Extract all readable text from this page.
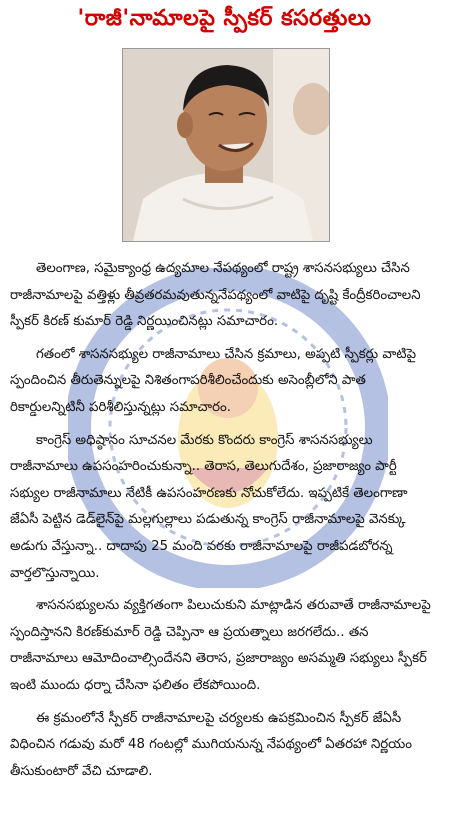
'రాజీ'నామాలపై స్పీకర్ కసరత్తులు

తెలంగాణ, సమైక్యాంధ్ర ఉద్యమాల నేపథ్యంలో రాష్ట్ర శాసనసభ్యులు చేసిన రాజీనామాలపై వత్తిళ్లు తీవ్రతరమవుతున్ననేపథ్యంలో వాటిపై దృష్టి కేంద్రీకరించాలని స్పీకర్ కిరణ్ కుమార్ రెడ్డి నిర్ణయించినట్లు సమాచారం.

గతంలో శాసనసభ్యుల రాజీనామాలు చేసిన క్రమాలు, అప్పటి స్పీకర్లు వాటిపై స్పందించిన తీరుతెన్నులపై నిశితంగాపరిశీలించేందుకు అసెంబ్లీలోని పాత రికార్డులన్నిటినీ పరిశీలిస్తున్నట్లు సమాచారం.

కాంగ్రెస్ అధిష్ఠానం సూచనల మేరకు కొందరు కాంగ్రెస్ శాసనసభ్యులు రాజీనామాలు ఉపసంహరించుకున్నా.. తెరాస, తెలుగుదేశం, ప్రజారాజ్యం పార్టీ సభ్యుల రాజీనామాలు నేటికీ ఉపసంహరణకు నోచుకోలేదు. ఇప్పటికే తెలంగాణా జేఏసీ పెట్టిన డెడ్‌లైన్‌పై మల్లగుల్లాలు పడుతున్న కాంగ్రెస్ రాజీనామాలపై వెనక్కు అడుగు వేస్తున్నా.. దాదాపు 25 మంది వరకు రాజీనామాలపై రాజీపడబోరన్న వార్తలొస్తున్నాయి.

శాసనసభ్యులను వ్యక్తిగతంగా పిలుచుకుని మాట్లాడిన తరువాతే రాజీనామాలపై స్పందిస్తానని కిరణ్‌కుమార్ రెడ్డి చెప్పినా ఆ ప్రయత్నాలు జరగలేదు.. తన రాజీనామాలు ఆమోదించాల్సిందేనని తెరాస, ప్రజారాజ్యం అసమ్మతి సభ్యులు స్పీకర్ ఇంటి ముందు ధర్నా చేసినా ఫలితం లేకపోయింది.

ఈ క్రమంలోనే స్పీకర్ రాజీనామాలపై చర్యలకు ఉపక్రమించిన స్పీకర్ జేఏసీ విధించిన గడువు మరో 48 గంటల్లో ముగియనున్న నేపథ్యంలో ఏతరహా నిర్ణయం తీసుకుంటారో వేచి చూడాలి.
